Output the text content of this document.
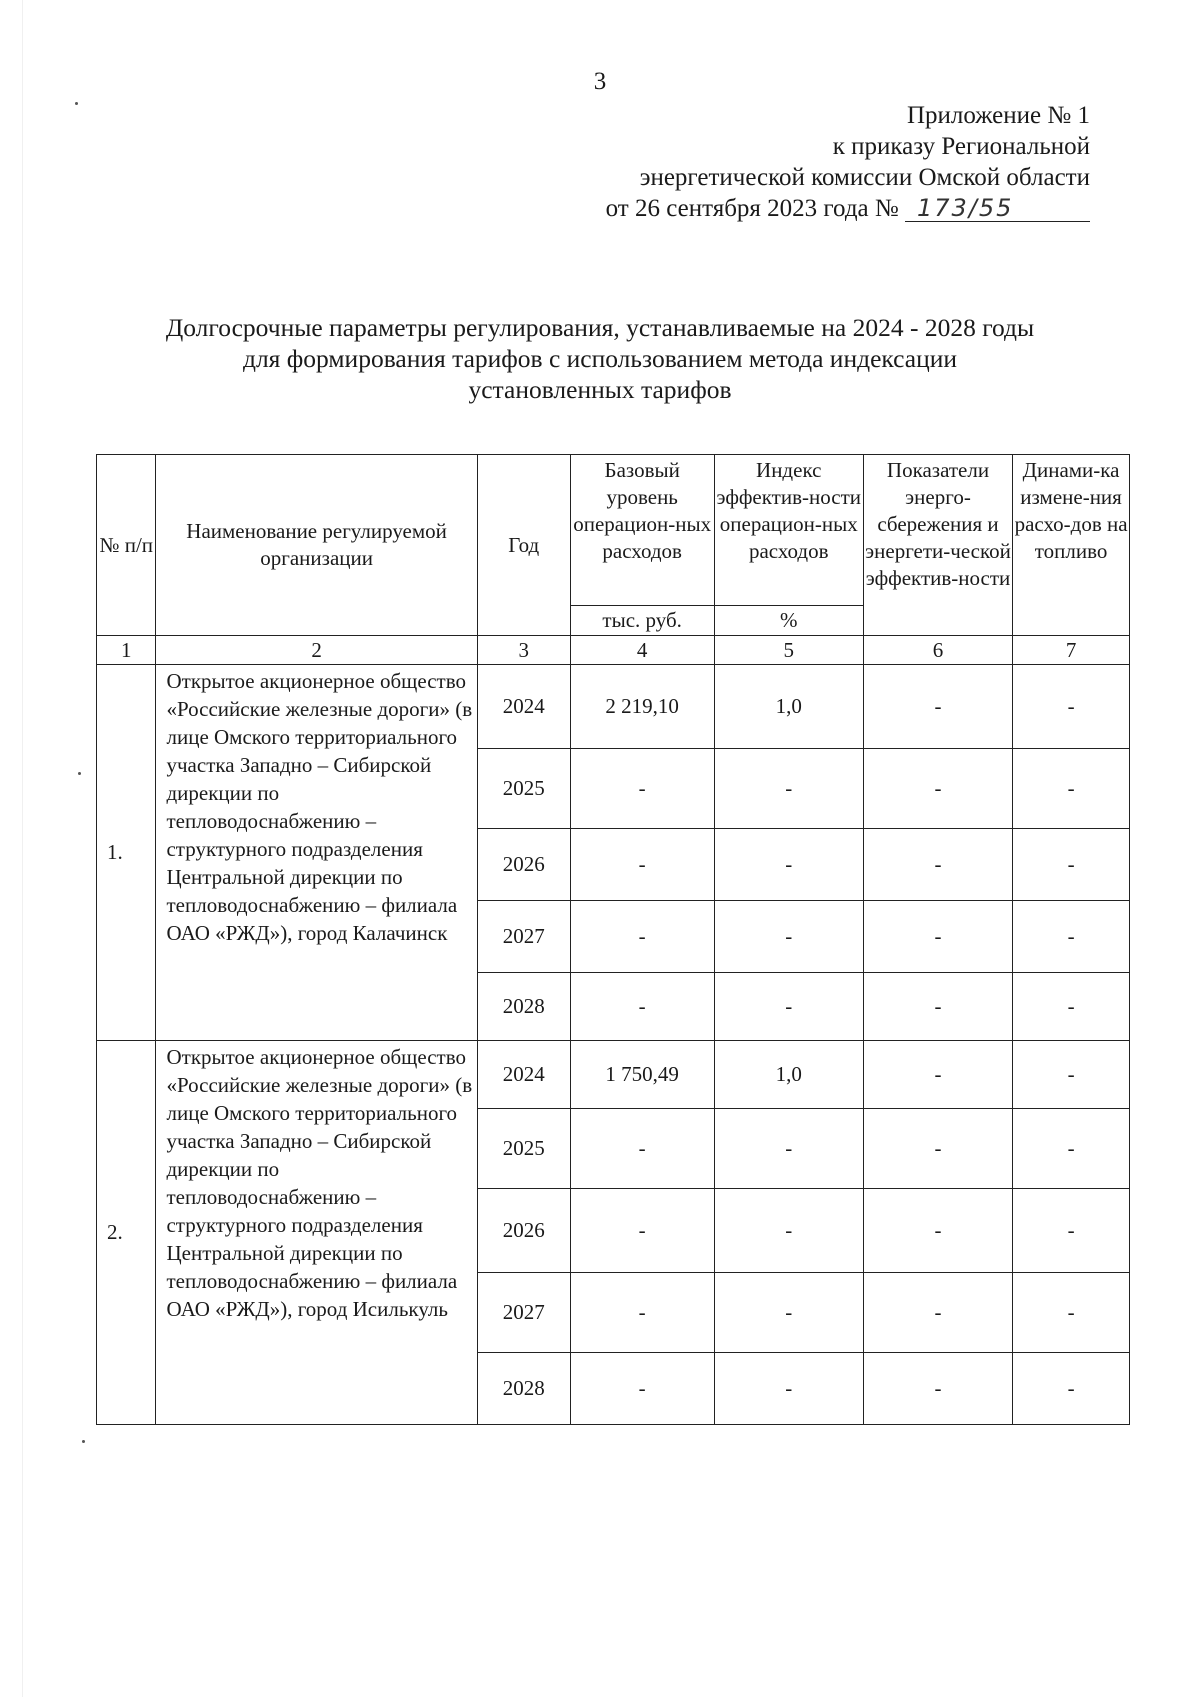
3
Приложение № 1
к приказу Региональной
энергетической комиссии Омской области
от 26 сентября 2023 года № 173/55
Долгосрочные параметры регулирования, устанавливаемые на 2024 - 2028 годы
для формирования тарифов с использованием метода индексации
установленных тарифов
№ п/п	Наименование регулируемой организации	Год	Базовый уровень операцион-ных расходов	Индекс эффектив-ности операцион-ных расходов	Показатели энерго-сбережения и энергети-ческой эффектив-ности	Динами-ка измене-ния расхо-дов на топливо
			тыс. руб.	%		
1	2	3	4	5	6	7
1.	Открытое акционерное общество «Российские железные дороги» (в лице Омского территориального участка Западно – Сибирской дирекции по тепловодоснабжению – структурного подразделения Центральной дирекции по тепловодоснабжению – филиала ОАО «РЖД»), город Калачинск	2024	2 219,10	1,0	-	-
		2025	-	-	-	-
		2026	-	-	-	-
		2027	-	-	-	-
		2028	-	-	-	-
2.	Открытое акционерное общество «Российские железные дороги» (в лице Омского территориального участка Западно – Сибирской дирекции по тепловодоснабжению – структурного подразделения Центральной дирекции по тепловодоснабжению – филиала ОАО «РЖД»), город Исилькуль	2024	1 750,49	1,0	-	-
		2025	-	-	-	-
		2026	-	-	-	-
		2027	-	-	-	-
		2028	-	-	-	-
